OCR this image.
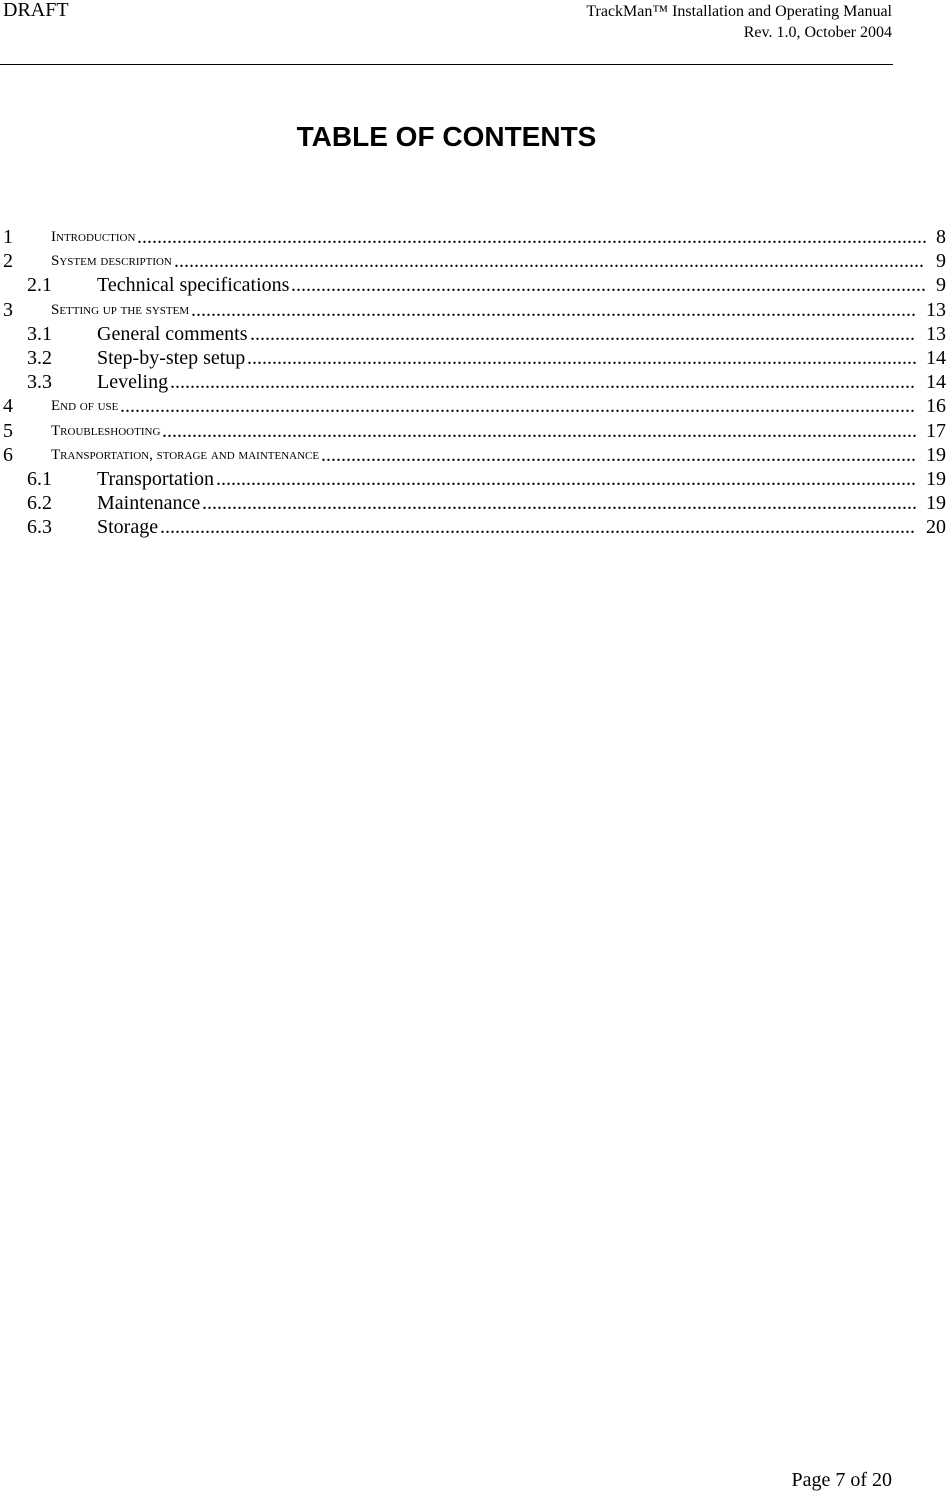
DRAFT	TrackMan™ Installation and Operating Manual
Rev. 1.0, October 2004
TABLE OF CONTENTS
1	Introduction	8
..............................................................................................................................................................
2	System description	9
......................................................................................................................................................
2.1 Technical specifications	9
...............................................................................................................................
3	Setting up the system	13
.................................................................................................................................................
3.1 General comments	13
.....................................................................................................................................
3.2 Step-by-step setup	14
......................................................................................................................................
3.3 Leveling	14
.....................................................................................................................................................
4	End of use	16
...............................................................................................................................................................
5	Troubleshooting	17
.......................................................................................................................................................
6	Transportation, storage and maintenance	19
.......................................................................................................................
6.1 Transportation	19
............................................................................................................................................
6.2 Maintenance	19
...............................................................................................................................................
6.3 Storage	20
.......................................................................................................................................................
Page 7 of 20
